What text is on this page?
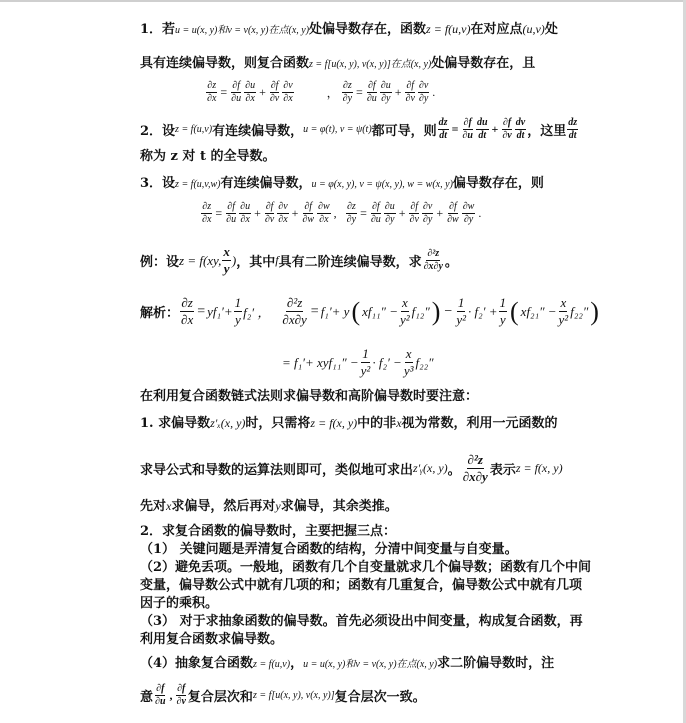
1．若u = u(x, y)和v = v(x, y)在点(x, y)处偏导数存在，函数z = f(u,v)在对应点(u,v)处
具有连续偏导数，则复合函数z = f[u(x, y), v(x, y)]在点(x, y)处偏导数存在，且
$\frac{\partial z}{\partial x} = \frac{\partial f}{\partial u} \frac{\partial u}{\partial x} + \frac{\partial f}{\partial v} \frac{\partial v}{\partial x}$	， $\frac{\partial z}{\partial y} = \frac{\partial f}{\partial u} \frac{\partial u}{\partial y} + \frac{\partial f}{\partial v} \frac{\partial v}{\partial y}$ .
2．设 z = f(u,v) 有连续偏导数， u = φ(t), v = ψ(t) 都可导，则 $\frac{dz}{dt} = \frac{\partial f}{\partial u} \frac{du}{dt} + \frac{\partial f}{\partial v} \frac{dv}{dt}$ ，这里 $\frac{dz}{dt}$
称为 z 对 t 的全导数。
3．设z = f(u,v,w)有连续偏导数，u = φ(x, y), v = ψ(x, y), w = w(x, y)偏导数存在，则
$\frac{\partial z}{\partial x} = \frac{\partial f}{\partial u} \frac{\partial u}{\partial x} + \frac{\partial f}{\partial v} \frac{\partial v}{\partial x} + \frac{\partial f}{\partial w} \frac{\partial w}{\partial x}$ , $\frac{\partial z}{\partial y} = \frac{\partial f}{\partial u} \frac{\partial u}{\partial y} + \frac{\partial f}{\partial v} \frac{\partial v}{\partial y} + \frac{\partial f}{\partial w} \frac{\partial w}{\partial y}$ .
例：设 z = f(xy, $\frac{x}{y}$ ) ，其中 f 具有二阶连续偏导数，求 $\frac{\text{∂²z}}{\partial x\partial y}$ 。
解析： $\frac{\partial z}{\partial x} = yf_1'+ \frac{1}{y} f_2'$ ， $\frac{\text{∂²z}}{\partial x\partial y} = f_1'+ y$ ( $xf_{11}'' - \frac{x}{\text{y²}} f_{12}''$ ) − $\frac{1}{\text{y²}} \cdot f_2' + \frac{1}{y}$ ( $xf_{21}'' - \frac{x}{\text{y²}} f_{22}''$ )
= $f_1'+ xyf_{11}'' - \frac{1}{\text{y²}} \cdot f_2' - \frac{x}{\text{y³}} f_{22}''$
在利用复合函数链式法则求偏导数和高阶偏导数时要注意：
1. 求偏导数z'ₓ(x, y)时，只需将z = f(x, y)中的非x视为常数，利用一元函数的
求导公式和导数的运算法则即可，类似地可求出 z'ᵧ(x, y) 。 $\frac{\text{∂²z}}{\partial x\partial y}$ 表示 z = f(x, y)
先对x求偏导，然后再对y求偏导，其余类推。
2．求复合函数的偏导数时，主要把握三点：
（1） 关键问题是弄清复合函数的结构，分清中间变量与自变量。
（2）避免丢项。一般地，函数有几个自变量就求几个偏导数；函数有几个中间
变量，偏导数公式中就有几项的和；函数有几重复合，偏导数公式中就有几项
因子的乘积。
（3） 对于求抽象函数的偏导数。首先必须设出中间变量，构成复合函数，再
利用复合函数求偏导数。
（4）抽象复合函数z = f(u,v)，u = u(x, y)和v = v(x, y)在点(x, y)求二阶偏导数时，注
意 $\frac{\partial f}{\partial u}$ , $\frac{\partial f}{\partial v}$ 复合层次和 z = f[u(x, y), v(x, y)] 复合层次一致。
